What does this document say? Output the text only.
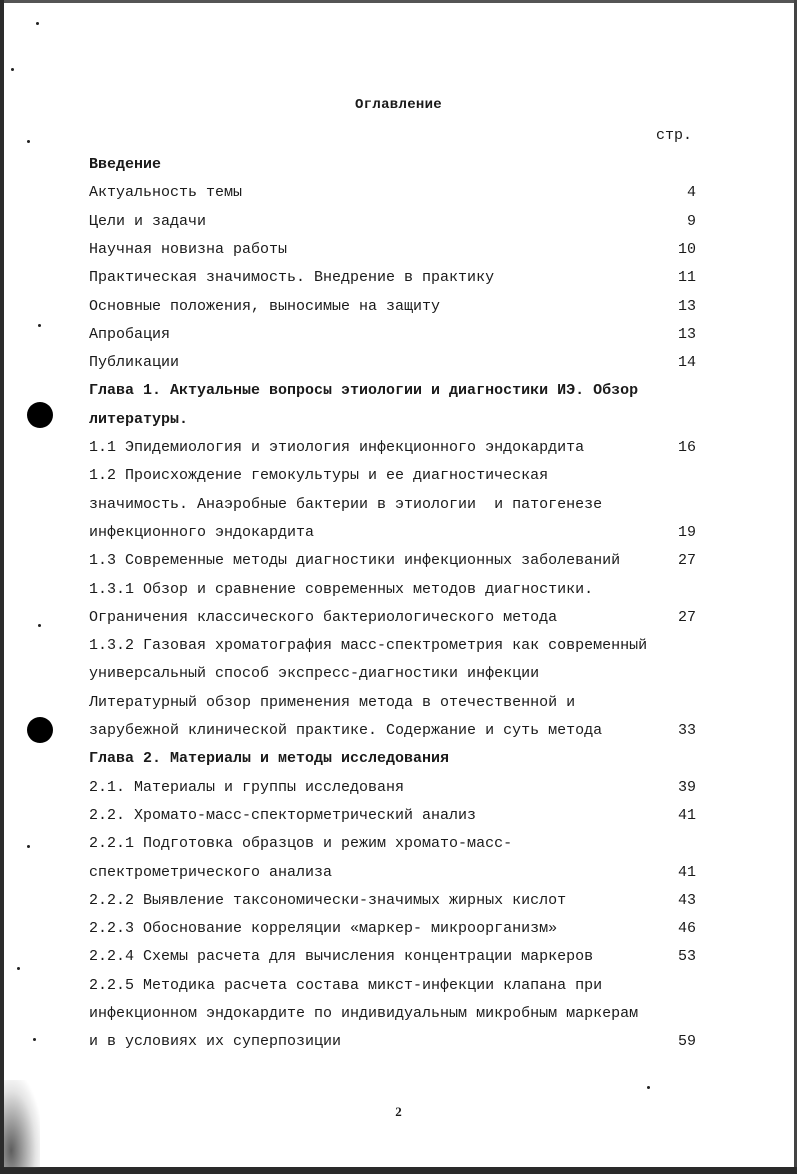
Оглавление
стр.
Введение
Актуальность темы	4
Цели и задачи	9
Научная новизна работы	10
Практическая значимость. Внедрение в практику	11
Основные положения, выносимые на защиту	13
Апробация	13
Публикации	14
Глава 1. Актуальные вопросы этиологии и диагностики ИЭ. Обзор
литературы.
1.1 Эпидемиология и этиология инфекционного эндокардита	16
1.2 Происхождение гемокультуры и ее диагностическая
значимость. Анаэробные бактерии в этиологии  и патогенезе
инфекционного эндокардита	19
1.3 Современные методы диагностики инфекционных заболеваний	27
1.3.1 Обзор и сравнение современных методов диагностики.
Ограничения классического бактериологического метода	27
1.3.2 Газовая хроматография масс-спектрометрия как современный
универсальный способ экспресс-диагностики инфекции
Литературный обзор применения метода в отечественной и
зарубежной клинической практике. Содержание и суть метода	33
Глава 2. Материалы и методы исследования
2.1. Материалы и группы исследованя	39
2.2. Хромато-масс-спекторметрический анализ	41
2.2.1 Подготовка образцов и режим хромато-масс-
спектрометрического анализа	41
2.2.2 Выявление таксономически-значимых жирных кислот	43
2.2.3 Обоснование корреляции «маркер- микроорганизм»	46
2.2.4 Схемы расчета для вычисления концентрации маркеров	53
2.2.5 Методика расчета состава микст-инфекции клапана при
инфекционном эндокардите по индивидуальным микробным маркерам
и в условиях их суперпозиции	59
2
